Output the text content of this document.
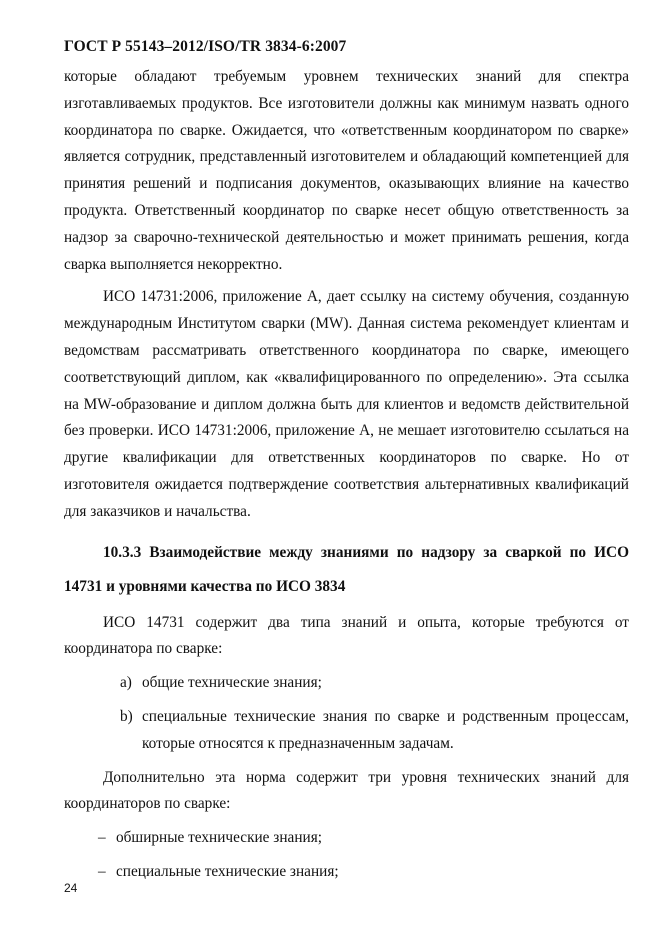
ГОСТ Р 55143–2012/ISO/TR 3834-6:2007

которые обладают требуемым уровнем технических знаний для спектра изготавливаемых продуктов. Все изготовители должны как минимум назвать одного координатора по сварке. Ожидается, что «ответственным координатором по сварке» является сотрудник, представленный изготовителем и обладающий компетенцией для принятия решений и подписания документов, оказывающих влияние на качество продукта. Ответственный координатор по сварке несет общую ответственность за надзор за сварочно-технической деятельностью и может принимать решения, когда сварка выполняется некорректно.

ИСО 14731:2006, приложение А, дает ссылку на систему обучения, созданную международным Институтом сварки (MW). Данная система рекомендует клиентам и ведомствам рассматривать ответственного координатора по сварке, имеющего соответствующий диплом, как «квалифицированного по определению». Эта ссылка на MW-образование и диплом должна быть для клиентов и ведомств действительной без проверки. ИСО 14731:2006, приложение А, не мешает изготовителю ссылаться на другие квалификации для ответственных координаторов по сварке. Но от изготовителя ожидается подтверждение соответствия альтернативных квалификаций для заказчиков и начальства.

10.3.3 Взаимодействие между знаниями по надзору за сваркой по ИСО 14731 и уровнями качества по ИСО 3834

ИСО 14731 содержит два типа знаний и опыта, которые требуются от координатора по сварке:

a) общие технические знания;
b) специальные технические знания по сварке и родственным процессам, которые относятся к предназначенным задачам.

Дополнительно эта норма содержит три уровня технических знаний для координаторов по сварке:

– обширные технические знания;
– специальные технические знания;
24
